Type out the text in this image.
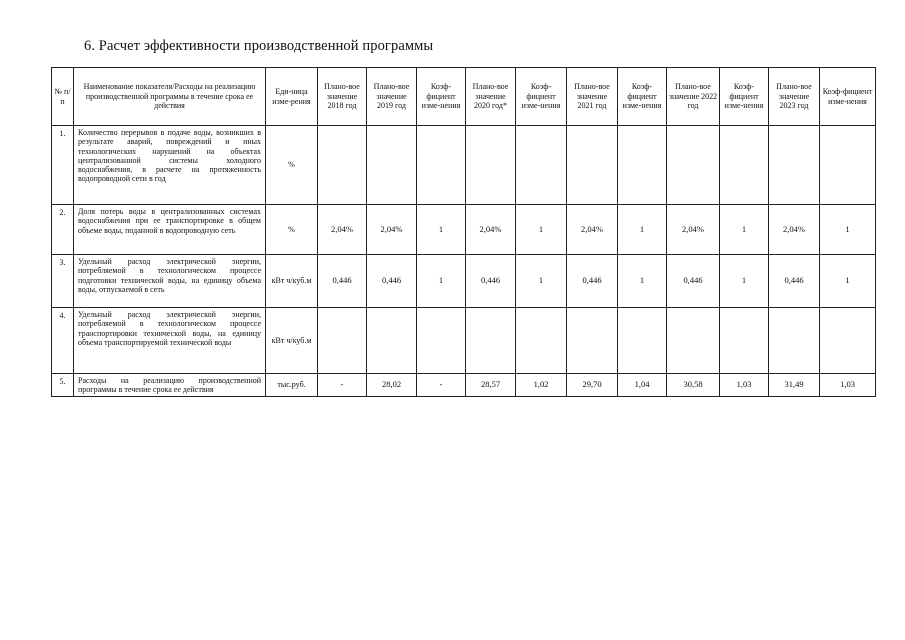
6. Расчет эффективности производственной программы
№ п/п	Наименование показателя/Расходы на реализацию производственной программы в течение срока ее действия	Еди-ница изме-рения	Плано-вое значение 2018 год	Плано-вое значение 2019 год	Коэф-фициент изме-нения	Плано-вое значение 2020 год*	Коэф-фициент изме-нения	Плано-вое значение 2021 год	Коэф-фициент изме-нения	Плано-вое значение 2022 год	Коэф-фициент изме-нения	Плано-вое значение 2023 год	Коэф-фициент изме-нения
1.	Количество перерывов в подаче воды, возникших в результате аварий, повреждений и иных технологических нарушений на объектах централизованной системы холодного водоснабжения, в расчете на протяженность водопроводной сети в год	%											
2.	Доля потерь воды в централизованных системах водоснабжения при ее транспортировке в общем объеме воды, поданной в водопроводную сеть	%	2,04%	2,04%	1	2,04%	1	2,04%	1	2,04%	1	2,04%	1
3.	Удельный расход электрической энергии, потребляемой в технологическом процессе подготовки технической воды, на единицу объема воды, отпускаемой в сеть	кВт ч/куб.м	0,446	0,446	1	0,446	1	0,446	1	0,446	1	0,446	1
4.	Удельный расход электрической энергии, потребляемой в технологическом процессе транспортировки технической воды, на единицу объема транспортируемой технической воды	кВт ч/куб.м											
5.	Расходы на реализацию производственной программы в течение срока ее действия	тыс.руб.	-	28,02	-	28,57	1,02	29,70	1,04	30,58	1,03	31,49	1,03
